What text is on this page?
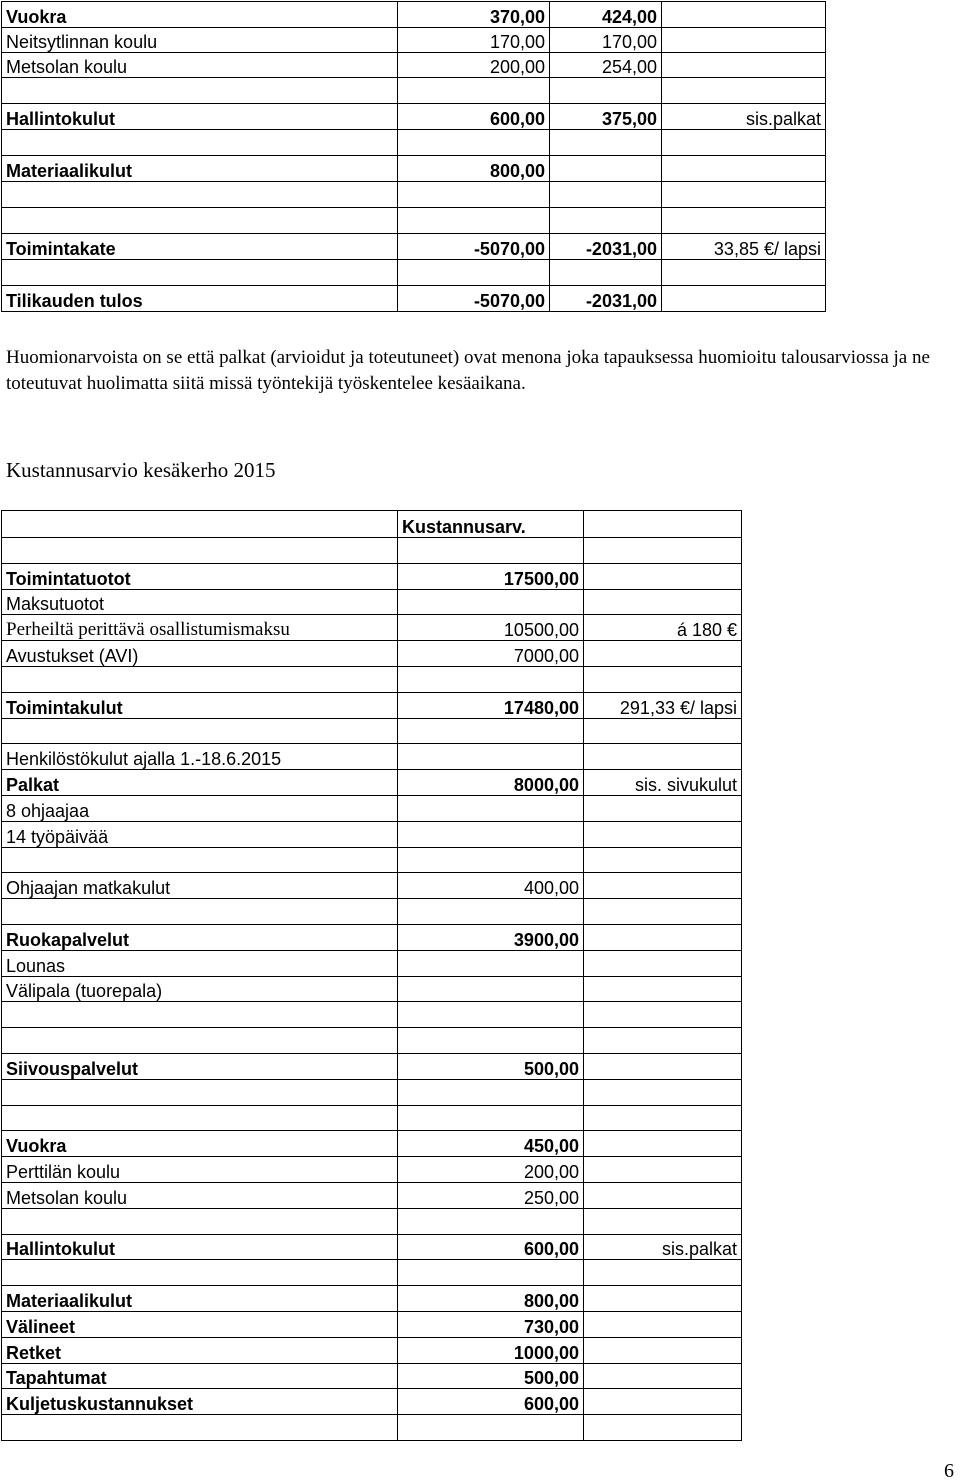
Vuokra	370,00	424,00	
Neitsytlinnan koulu	170,00	170,00	
Metsolan koulu	200,00	254,00	

Hallintokulut	600,00	375,00	sis.palkat

Materiaalikulut	800,00		

Toimintakate	-5070,00	-2031,00	33,85 €/ lapsi

Tilikauden tulos	-5070,00	-2031,00	
Huomionarvoista on se että palkat (arvioidut ja toteutuneet) ovat menona joka tapauksessa huomioitu talousarviossa ja ne toteutuvat huolimatta siitä missä työntekijä työskentelee kesäaikana.
Kustannusarvio kesäkerho 2015
	Kustannusarv.	

Toimintatuotot	17500,00	
Maksutuotot		
Perheiltä perittävä osallistumismaksu	10500,00	á 180 €
Avustukset (AVI)	7000,00	

Toimintakulut	17480,00	291,33 €/ lapsi

Henkilöstökulut ajalla 1.-18.6.2015		
Palkat	8000,00	sis. sivukulut
8 ohjaajaa		
14 työpäivää		

Ohjaajan matkakulut	400,00	

Ruokapalvelut	3900,00	
Lounas		
Välipala (tuorepala)		

Siivouspalvelut	500,00	

Vuokra	450,00	
Perttilän koulu	200,00	
Metsolan koulu	250,00	

Hallintokulut	600,00	sis.palkat

Materiaalikulut	800,00	
Välineet	730,00	
Retket	1000,00	
Tapahtumat	500,00	
Kuljetuskustannukset	600,00	

6
